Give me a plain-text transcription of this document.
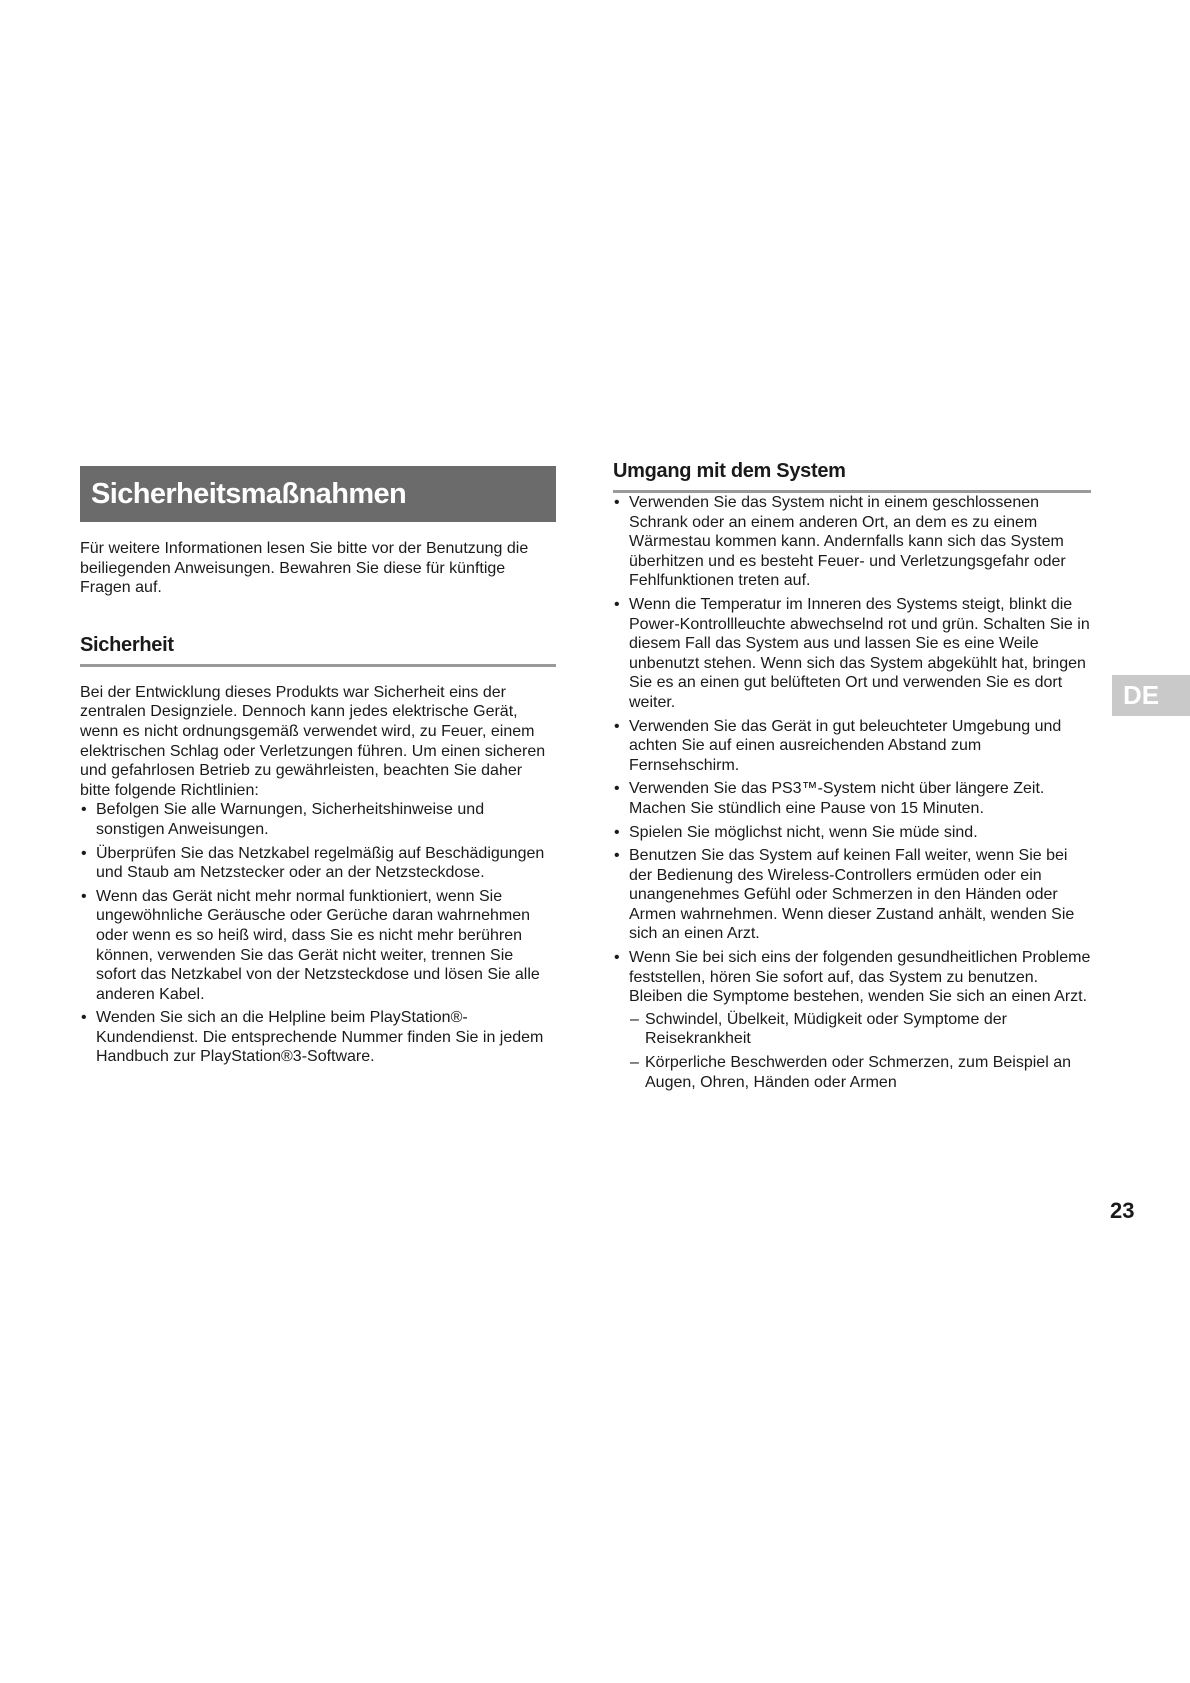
Sicherheitsmaßnahmen

Für weitere Informationen lesen Sie bitte vor der Benutzung die beiliegenden Anweisungen. Bewahren Sie diese für künftige Fragen auf.

Sicherheit

Bei der Entwicklung dieses Produkts war Sicherheit eins der zentralen Designziele. Dennoch kann jedes elektrische Gerät, wenn es nicht ordnungsgemäß verwendet wird, zu Feuer, einem elektrischen Schlag oder Verletzungen führen. Um einen sicheren und gefahrlosen Betrieb zu gewährleisten, beachten Sie daher bitte folgende Richtlinien:

• Befolgen Sie alle Warnungen, Sicherheitshinweise und sonstigen Anweisungen.
• Überprüfen Sie das Netzkabel regelmäßig auf Beschädigungen und Staub am Netzstecker oder an der Netzsteckdose.
• Wenn das Gerät nicht mehr normal funktioniert, wenn Sie ungewöhnliche Geräusche oder Gerüche daran wahrnehmen oder wenn es so heiß wird, dass Sie es nicht mehr berühren können, verwenden Sie das Gerät nicht weiter, trennen Sie sofort das Netzkabel von der Netzsteckdose und lösen Sie alle anderen Kabel.
• Wenden Sie sich an die Helpline beim PlayStation®-Kundendienst. Die entsprechende Nummer finden Sie in jedem Handbuch zur PlayStation®3-Software.
Umgang mit dem System
• Verwenden Sie das System nicht in einem geschlossenen Schrank oder an einem anderen Ort, an dem es zu einem Wärmestau kommen kann. Andernfalls kann sich das System überhitzen und es besteht Feuer- und Verletzungsgefahr oder Fehlfunktionen treten auf.
• Wenn die Temperatur im Inneren des Systems steigt, blinkt die Power-Kontrollleuchte abwechselnd rot und grün. Schalten Sie in diesem Fall das System aus und lassen Sie es eine Weile unbenutzt stehen. Wenn sich das System abgekühlt hat, bringen Sie es an einen gut belüfteten Ort und verwenden Sie es dort weiter.
• Verwenden Sie das Gerät in gut beleuchteter Umgebung und achten Sie auf einen ausreichenden Abstand zum Fernsehschirm.
• Verwenden Sie das PS3™-System nicht über längere Zeit. Machen Sie stündlich eine Pause von 15 Minuten.
• Spielen Sie möglichst nicht, wenn Sie müde sind.
• Benutzen Sie das System auf keinen Fall weiter, wenn Sie bei der Bedienung des Wireless-Controllers ermüden oder ein unangenehmes Gefühl oder Schmerzen in den Händen oder Armen wahrnehmen. Wenn dieser Zustand anhält, wenden Sie sich an einen Arzt.
• Wenn Sie bei sich eins der folgenden gesundheitlichen Probleme feststellen, hören Sie sofort auf, das System zu benutzen. Bleiben die Symptome bestehen, wenden Sie sich an einen Arzt.
– Schwindel, Übelkeit, Müdigkeit oder Symptome der Reisekrankheit
– Körperliche Beschwerden oder Schmerzen, zum Beispiel an Augen, Ohren, Händen oder Armen
DE
23
